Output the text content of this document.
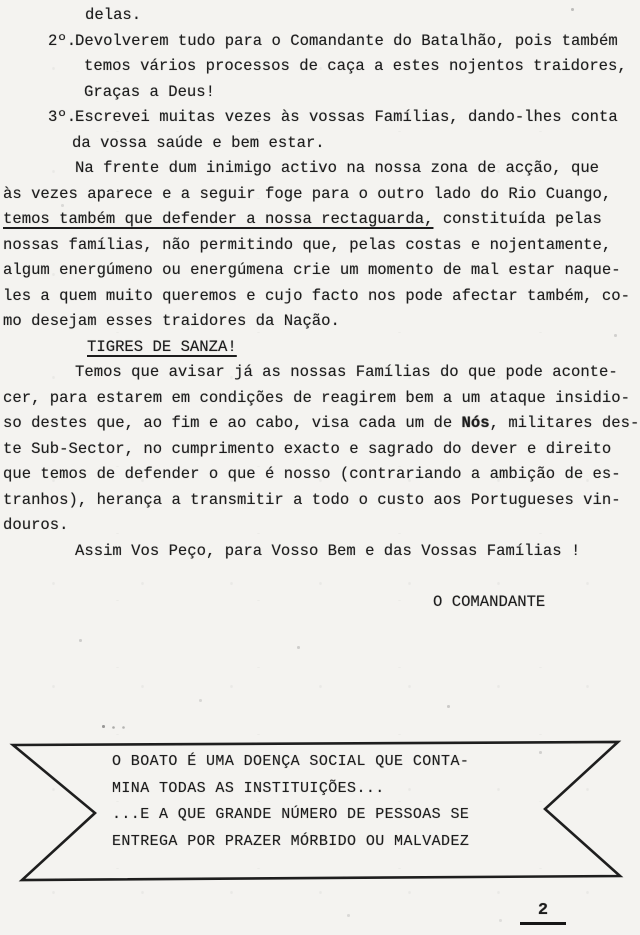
delas.
2º.
Devolverem tudo para o Comandante do Batalhão, pois também
temos vários processos de caça a estes nojentos traidores,
Graças a Deus!
3º.
Escrevei muitas vezes às vossas Famílias, dando-lhes conta
da vossa saúde e bem estar.
Na frente dum inimigo activo na nossa zona de acção, que
às vezes aparece e a seguir foge para o outro lado do Rio Cuango,
temos também que defender a nossa rectaguarda, constituída pelas
nossas famílias, não permitindo que, pelas costas e nojentamente,
algum energúmeno ou energúmena crie um momento de mal estar naque-
les a quem muito queremos e cujo facto nos pode afectar também, co-
mo desejam esses traidores da Nação.
TIGRES DE SANZA!
Temos que avisar já as nossas Famílias do que pode aconte-
cer, para estarem em condições de reagirem bem a um ataque insidio-
so destes que, ao fim e ao cabo, visa cada um de Nós, militares des-
te Sub-Sector, no cumprimento exacto e sagrado do dever e direito
que temos de defender o que é nosso (contrariando a ambição de es-
tranhos), herança a transmitir a todo o custo aos Portugueses vin-
douros.
Assim Vos Peço, para Vosso Bem e das Vossas Famílias !

O COMANDANTE
O BOATO É UMA DOENÇA SOCIAL QUE CONTA-
MINA TODAS AS INSTITUIÇÕES...
...E A QUE GRANDE NÚMERO DE PESSOAS SE
ENTREGA POR PRAZER MÓRBIDO OU MALVADEZ
2
